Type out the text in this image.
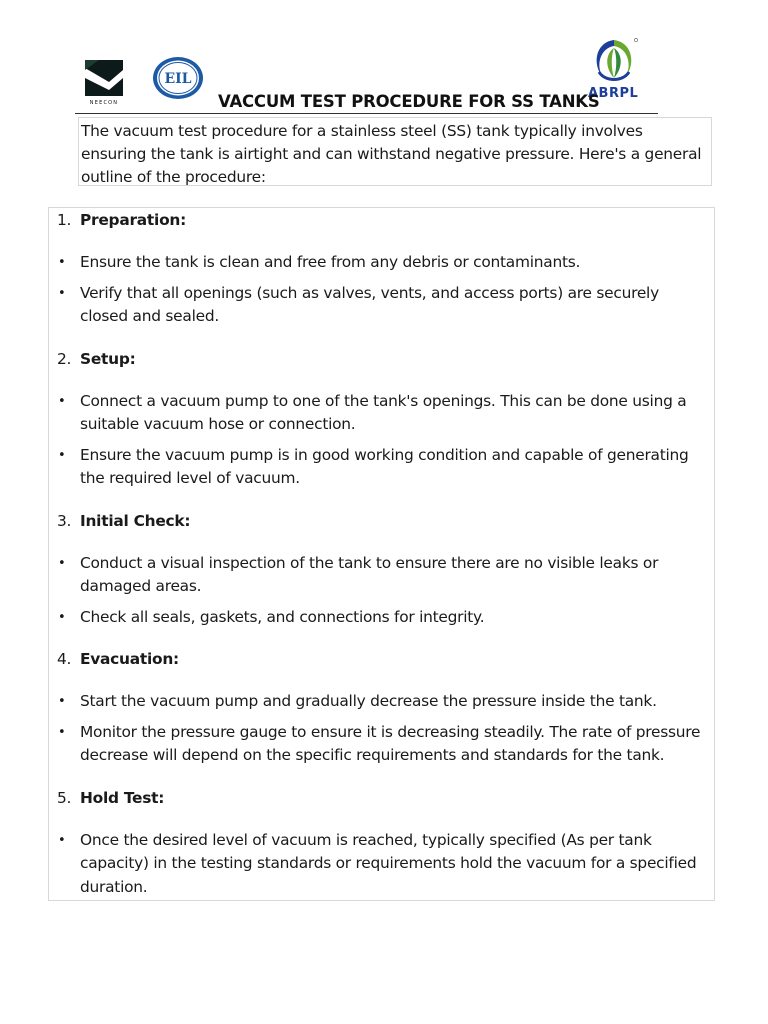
NEECON
EIL
ABRPL
VACCUM TEST PROCEDURE FOR SS TANKS
The vacuum test procedure for a stainless steel (SS) tank typically involves ensuring the tank is airtight and can withstand negative pressure. Here's a general outline of the procedure:
1. Preparation:
• Ensure the tank is clean and free from any debris or contaminants.
• Verify that all openings (such as valves, vents, and access ports) are securely closed and sealed.
2. Setup:
• Connect a vacuum pump to one of the tank's openings. This can be done using a suitable vacuum hose or connection.
• Ensure the vacuum pump is in good working condition and capable of generating the required level of vacuum.
3. Initial Check:
• Conduct a visual inspection of the tank to ensure there are no visible leaks or damaged areas.
• Check all seals, gaskets, and connections for integrity.
4. Evacuation:
• Start the vacuum pump and gradually decrease the pressure inside the tank.
• Monitor the pressure gauge to ensure it is decreasing steadily. The rate of pressure decrease will depend on the specific requirements and standards for the tank.
5. Hold Test:
• Once the desired level of vacuum is reached, typically specified (As per tank capacity) in the testing standards or requirements hold the vacuum for a specified duration.
